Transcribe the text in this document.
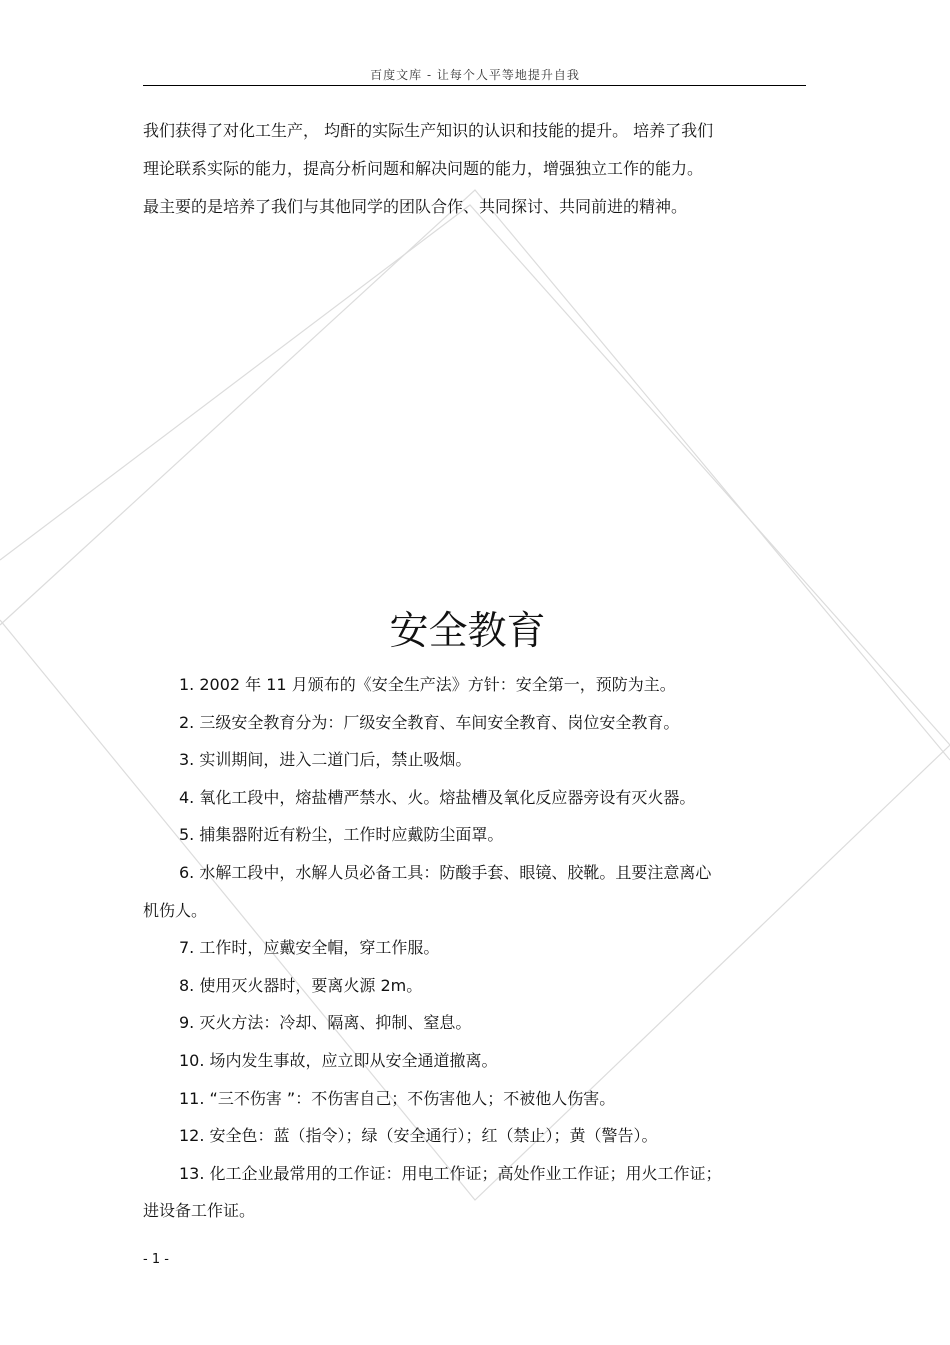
百度文库 - 让每个人平等地提升自我
我们获得了对化工生产， 均酐的实际生产知识的认识和技能的提升。 培养了我们
理论联系实际的能力，提高分析问题和解决问题的能力，增强独立工作的能力。
最主要的是培养了我们与其他同学的团队合作、共同探讨、共同前进的精神。
安全教育
1. 2002 年 11 月颁布的《安全生产法》方针：安全第一，预防为主。
2. 三级安全教育分为：厂级安全教育、车间安全教育、岗位安全教育。
3. 实训期间，进入二道门后，禁止吸烟。
4. 氧化工段中，熔盐槽严禁水、火。熔盐槽及氧化反应器旁设有灭火器。
5. 捕集器附近有粉尘，工作时应戴防尘面罩。
6. 水解工段中，水解人员必备工具：防酸手套、眼镜、胶靴。且要注意离心
机伤人。
7. 工作时，应戴安全帽，穿工作服。
8. 使用灭火器时，要离火源 2m。
9. 灭火方法：冷却、隔离、抑制、窒息。
10. 场内发生事故，应立即从安全通道撤离。
11. “三不伤害 ”：不伤害自己；不伤害他人；不被他人伤害。
12. 安全色：蓝（指令）；绿（安全通行）；红（禁止）；黄（警告）。
13. 化工企业最常用的工作证：用电工作证；高处作业工作证；用火工作证；
进设备工作证。
- 1 -
